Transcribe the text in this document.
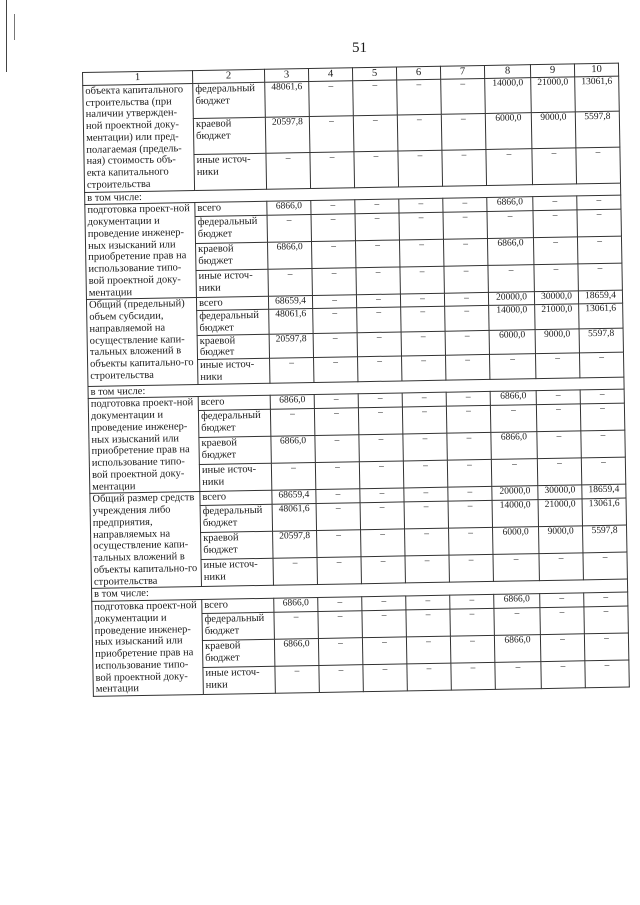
51
1	2	3	4	5	6	7	8	9	10
объекта капитального строительства (при наличии утвержден-ной проектной доку-ментации) или пред-полагаемая (предель-ная) стоимость объ-екта капитального строительства	федеральный бюджет	48061,6	–	–	–	–	14000,0	21000,0	13061,6
	краевой бюджет	20597,8	–	–	–	–	6000,0	9000,0	5597,8
	иные источ-ники	–	–	–	–	–	–	–	–
в том числе:									
подготовка проект-ной документации и проведение инженер-ных изысканий или приобретение прав на использование типо-вой проектной доку-ментации	всего	6866,0	–	–	–	–	6866,0	–	–
	федеральный бюджет	–	–	–	–	–	–	–	–
	краевой бюджет	6866,0	–	–	–	–	6866,0	–	–
	иные источ-ники	–	–	–	–	–	–	–	–
Общий (предельный) объем субсидии, направляемой на осуществление капи-тальных вложений в объекты капитально-го строительства	всего	68659,4	–	–	–	–	20000,0	30000,0	18659,4
	федеральный бюджет	48061,6	–	–	–	–	14000,0	21000,0	13061,6
	краевой бюджет	20597,8	–	–	–	–	6000,0	9000,0	5597,8
	иные источ-ники	–	–	–	–	–	–	–	–
в том числе:									
подготовка проект-ной документации и проведение инженер-ных изысканий или приобретение прав на использование типо-вой проектной доку-ментации	всего	6866,0	–	–	–	–	6866,0	–	–
	федеральный бюджет	–	–	–	–	–	–	–	–
	краевой бюджет	6866,0	–	–	–	–	6866,0	–	–
	иные источ-ники	–	–	–	–	–	–	–	–
Общий размер средств учреждения либо предприятия, направляемых на осуществление капи-тальных вложений в объекты капитально-го строительства	всего	68659,4	–	–	–	–	20000,0	30000,0	18659,4
	федеральный бюджет	48061,6	–	–	–	–	14000,0	21000,0	13061,6
	краевой бюджет	20597,8	–	–	–	–	6000,0	9000,0	5597,8
	иные источ-ники	–	–	–	–	–	–	–	–
в том числе:									
подготовка проект-ной документации и проведение инженер-ных изысканий или приобретение прав на использование типо-вой проектной доку-ментации	всего	6866,0	–	–	–	–	6866,0	–	–
	федеральный бюджет	–	–	–	–	–	–	–	–
	краевой бюджет	6866,0	–	–	–	–	6866,0	–	–
	иные источ-ники	–	–	–	–	–	–	–	–
